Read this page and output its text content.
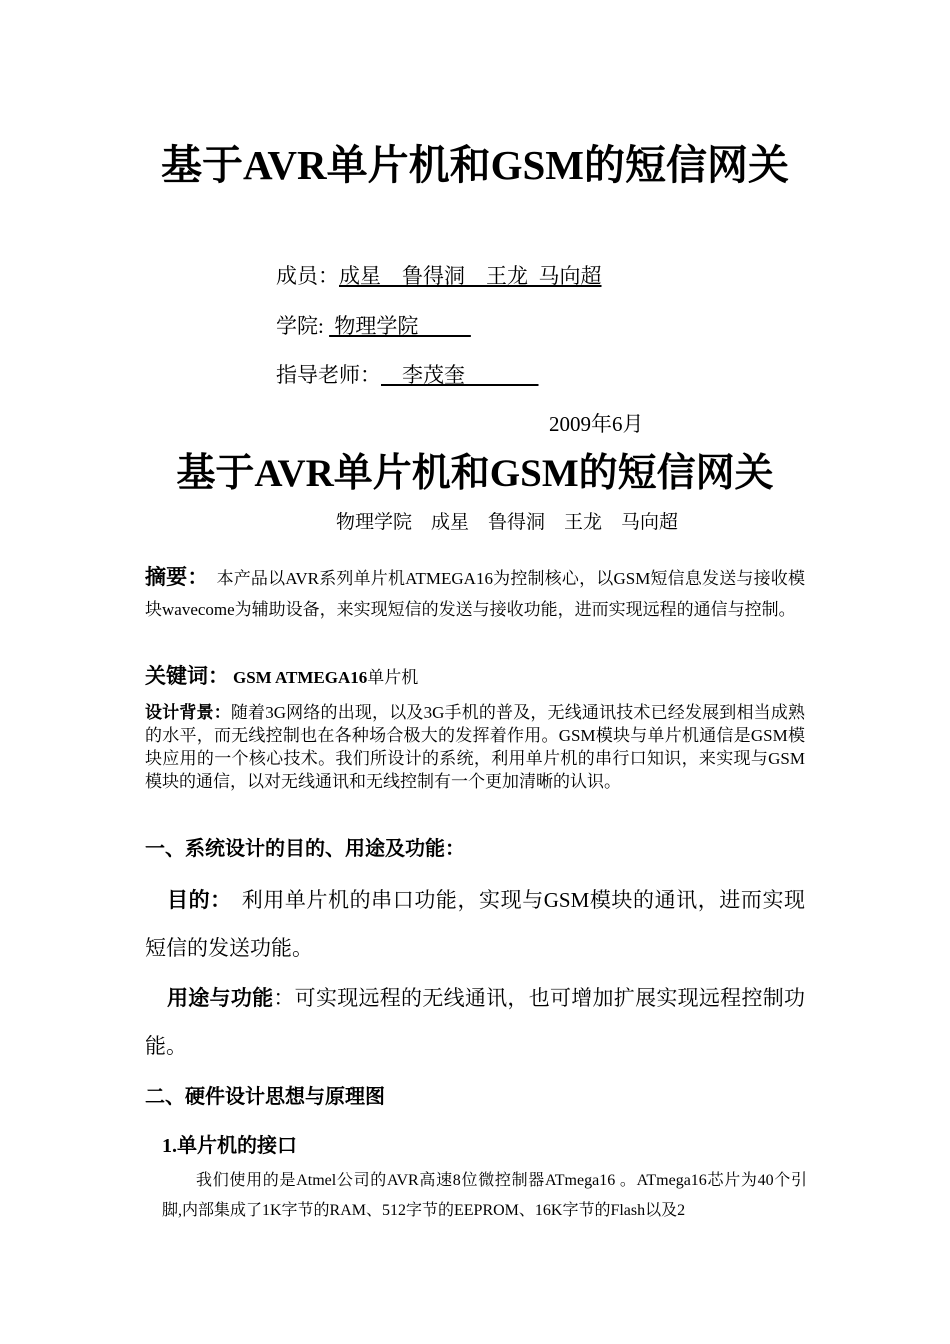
基于AVR单片机和GSM的短信网关
成员：成星    鲁得洞    王龙  马向超
学院:  物理学院
指导老师：    李茂奎
2009年6月
基于AVR单片机和GSM的短信网关
物理学院    成星    鲁得洞    王龙    马向超
摘要： 本产品以AVR系列单片机ATMEGA16为控制核心，以GSM短信息发送与接收模块wavecome为辅助设备，来实现短信的发送与接收功能，进而实现远程的通信与控制。
关键词： GSM ATMEGA16单片机
设计背景：随着3G网络的出现，以及3G手机的普及，无线通讯技术已经发展到相当成熟的水平，而无线控制也在各种场合极大的发挥着作用。GSM模块与单片机通信是GSM模块应用的一个核心技术。我们所设计的系统，利用单片机的串行口知识，来实现与GSM模块的通信，以对无线通讯和无线控制有一个更加清晰的认识。
一、系统设计的目的、用途及功能：
目的： 利用单片机的串口功能，实现与GSM模块的通讯，进而实现短信的发送功能。
用途与功能：可实现远程的无线通讯，也可增加扩展实现远程控制功能。
二、硬件设计思想与原理图
1.单片机的接口
我们使用的是Atmel公司的AVR高速8位微控制器ATmega16 。ATmega16芯片为40个引脚,内部集成了1K字节的RAM、512字节的EEPROM、16K字节的Flash以及2
